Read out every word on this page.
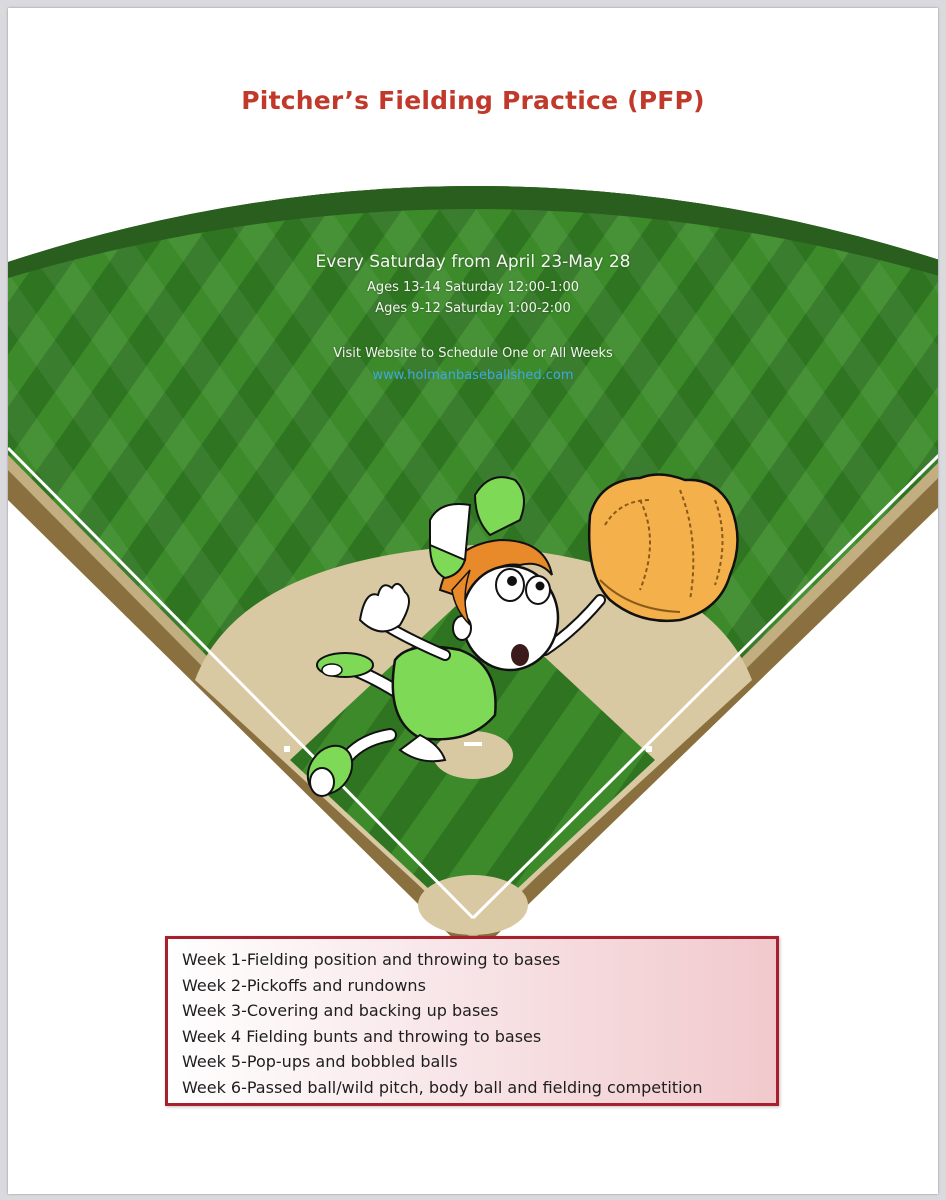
Pitcher’s Fielding Practice (PFP)
Every Saturday from April 23-May 28
Ages 13-14 Saturday 12:00-1:00
Ages 9-12 Saturday 1:00-2:00
Visit Website to Schedule One or All Weeks
www.holmanbaseballshed.com
Week 1-Fielding position and throwing to bases
Week 2-Pickoffs and rundowns
Week 3-Covering and backing up bases
Week 4 Fielding bunts and throwing to bases
Week 5-Pop-ups and bobbled balls
Week 6-Passed ball/wild pitch, body ball and fielding competition
